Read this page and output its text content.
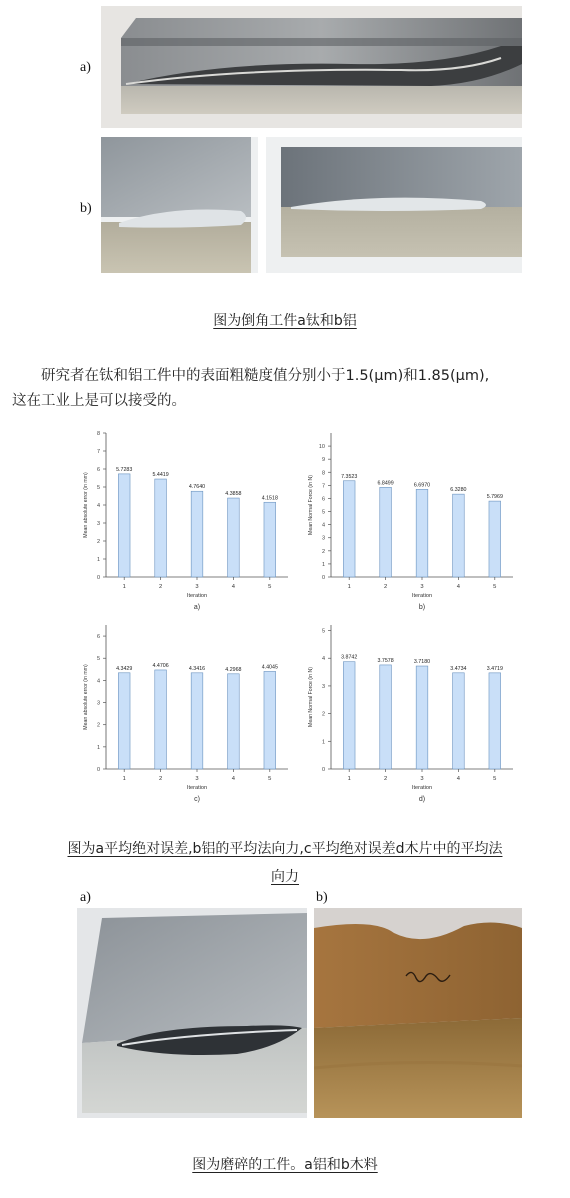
a)
b)
图为倒角工件a钛和b铝
研究者在钛和铝工件中的表面粗糙度值分别小于1.5(μm)和1.85(μm),
这在工业上是可以接受的。
0
1
2
3
4
5
6
7
8
Mean absolute error (in mm)
5.7283
1
5.4419
2
4.7640
3
4.3858
4
4.1518
5
Iteration
a)
0
1
2
3
4
5
6
7
8
9
10
Mean Normal Force (in N)	7.3523
1
6.8499
2
6.6970
3
6.3280
4
5.7969
5
Iteration
b)
0
1
2
3
4
5
6
Mean absolute error (in mm)	4.3429
1
4.4706
2
4.3416
3
4.2968
4
4.4045
5
Iteration
c)
0
1
2
3
4
5
Mean Normal Force (in N)
3.8742
1
3.7578
2
3.7180
3
3.4734
4
3.4719
5
Iteration
d)
图为a平均绝对误差,b铝的平均法向力,c平均绝对误差d木片中的平均法
向力
a)	b)
图为磨碎的工件。a铝和b木料
